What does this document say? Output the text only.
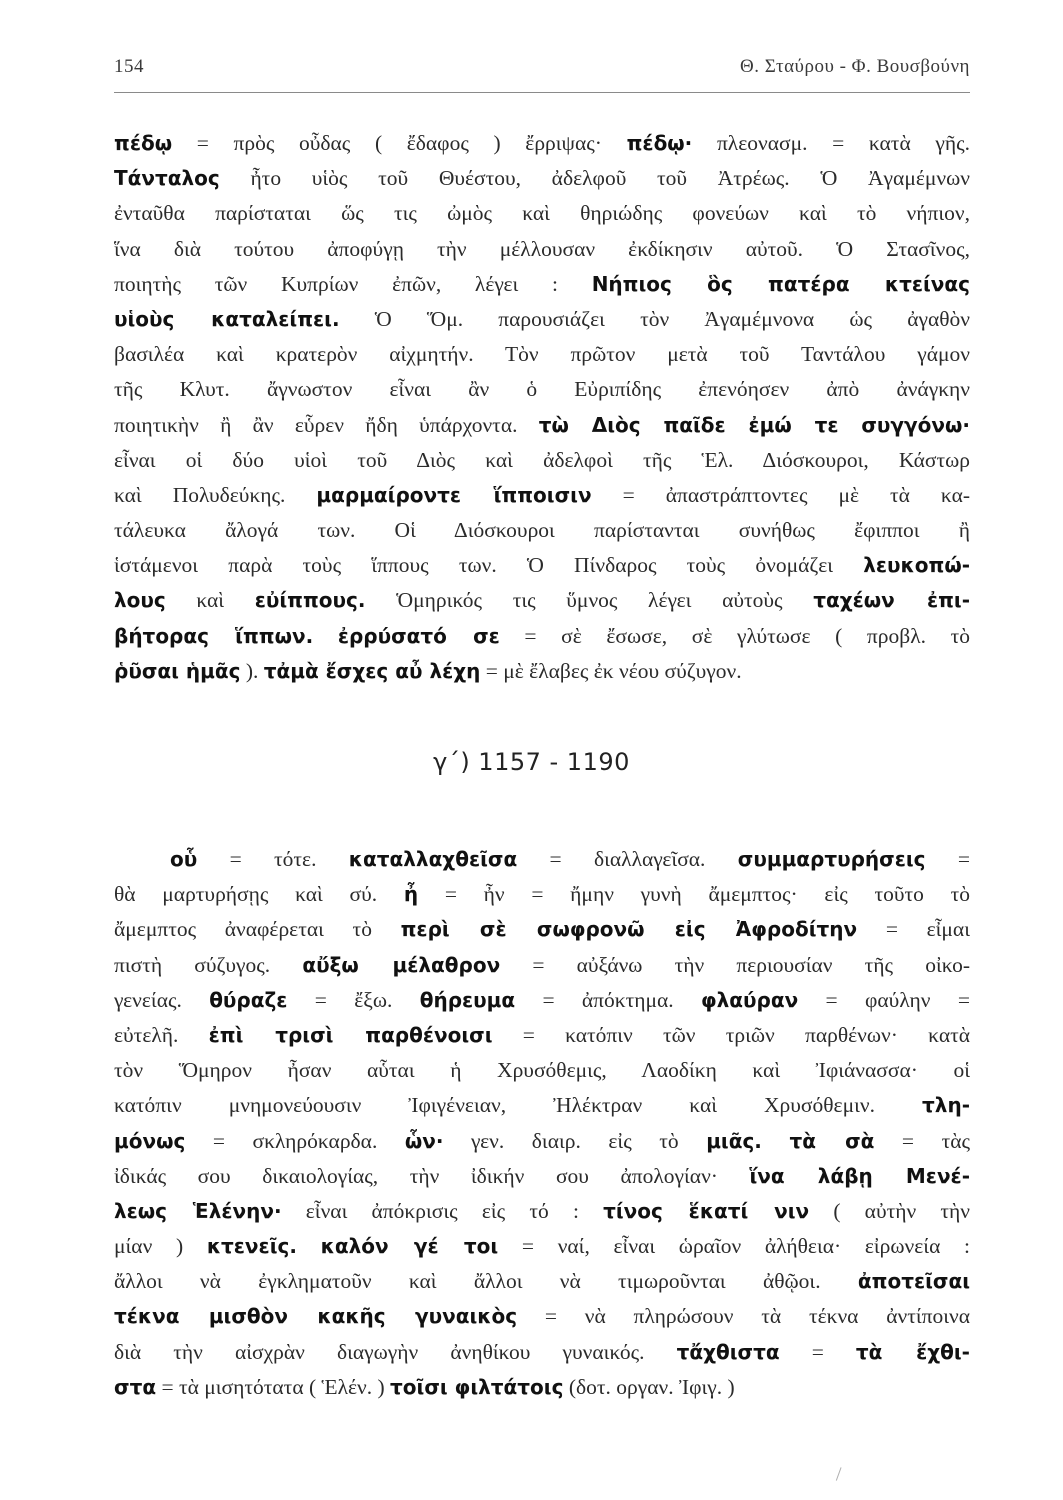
154	Θ. Σταύρου - Φ. Βουσβούνη
πέδῳ = πρὸς οὖδας ( ἔδαφος ) ἔρριψας· πέδῳ· πλεονασμ. = κατὰ γῆς.
Τάνταλος ἦτο υἱὸς τοῦ Θυέστου, ἀδελφοῦ τοῦ Ἀτρέως. Ὁ Ἀγαμέμνων
ἐνταῦθα παρίσταται ὥς τις ὠμὸς καὶ θηριώδης φονεύων καὶ τὸ νήπιον,
ἵνα διὰ τούτου ἀποφύγῃ τὴν μέλλουσαν ἐκδίκησιν αὐτοῦ. Ὁ Στασῖνος,
ποιητὴς τῶν Κυπρίων ἐπῶν, λέγει : Νήπιος ὃς πατέρα κτείνας
υἱοὺς καταλείπει. Ὁ Ὅμ. παρουσιάζει τὸν Ἀγαμέμνονα ὡς ἀγαθὸν
βασιλέα καὶ κρατερὸν αἰχμητήν. Τὸν πρῶτον μετὰ τοῦ Ταντάλου γάμον
τῆς Κλυτ. ἄγνωστον εἶναι ἂν ὁ Εὐριπίδης ἐπενόησεν ἀπὸ ἀνάγκην
ποιητικὴν ἢ ἂν εὗρεν ἤδη ὑπάρχοντα. τὼ Διὸς παῖδε ἐμώ τε συγγόνω·
εἶναι οἱ δύο υἱοὶ τοῦ Διὸς καὶ ἀδελφοὶ τῆς Ἑλ. Διόσκουροι, Κάστωρ
καὶ Πολυδεύκης. μαρμαίροντε ἵπποισιν = ἀπαστράπτοντες μὲ τὰ κα-
τάλευκα ἄλογά των. Οἱ Διόσκουροι παρίστανται συνήθως ἔφιπποι ἢ
ἱστάμενοι παρὰ τοὺς ἵππους των. Ὁ Πίνδαρος τοὺς ὀνομάζει λευκοπώ-
λους καὶ εὐίππους. Ὁμηρικός τις ὕμνος λέγει αὐτοὺς ταχέων ἐπι-
βήτορας ἵππων. ἐρρύσατό σε = σὲ ἔσωσε, σὲ γλύτωσε ( προβλ. τὸ
ῥῦσαι ἡμᾶς ). τἀμὰ ἔσχες αὖ λέχη = μὲ ἔλαβες ἐκ νέου σύζυγον.
γ΄) 1157 - 1190
οὗ = τότε. καταλλαχθεῖσα = διαλλαγεῖσα. συμμαρτυρήσεις =
θὰ μαρτυρήσῃς καὶ σύ. ἦ = ἦν = ἤμην γυνὴ ἄμεμπτος· εἰς τοῦτο τὸ
ἄμεμπτος ἀναφέρεται τὸ περὶ σὲ σωφρονῶ εἰς Ἀφροδίτην = εἶμαι
πιστὴ σύζυγος. αὔξω μέλαθρον = αὐξάνω τὴν περιουσίαν τῆς οἰκο-
γενείας. θύραζε = ἔξω. θήρευμα = ἀπόκτημα. φλαύραν = φαύλην =
εὐτελῆ. ἐπὶ τρισὶ παρθένοισι = κατόπιν τῶν τριῶν παρθένων· κατὰ
τὸν Ὅμηρον ἦσαν αὗται ἡ Χρυσόθεμις, Λαοδίκη καὶ Ἰφιάνασσα· οἱ
κατόπιν μνημονεύουσιν Ἰφιγένειαν, Ἠλέκτραν καὶ Χρυσόθεμιν. τλη-
μόνως = σκληρόκαρδα. ὧν· γεν. διαιρ. εἰς τὸ μιᾶς. τὰ σὰ = τὰς
ἰδικάς σου δικαιολογίας, τὴν ἰδικήν σου ἀπολογίαν· ἵνα λάβῃ Μενέ-
λεως Ἑλένην· εἶναι ἀπόκρισις εἰς τό : τίνος ἕκατί νιν ( αὐτὴν τὴν
μίαν ) κτενεῖς. καλόν γέ τοι = ναί, εἶναι ὡραῖον ἀλήθεια· εἰρωνεία :
ἄλλοι νὰ ἐγκληματοῦν καὶ ἄλλοι νὰ τιμωροῦνται ἀθῷοι. ἀποτεῖσαι
τέκνα μισθὸν κακῆς γυναικὸς = νὰ πληρώσουν τὰ τέκνα ἀντίποινα
διὰ τὴν αἰσχρὰν διαγωγὴν ἀνηθίκου γυναικός. τἄχθιστα = τὰ ἔχθι-
στα = τὰ μισητότατα ( Ἑλέν. ) τοῖσι φιλτάτοις (δοτ. οργαν. Ἰφιγ. )
